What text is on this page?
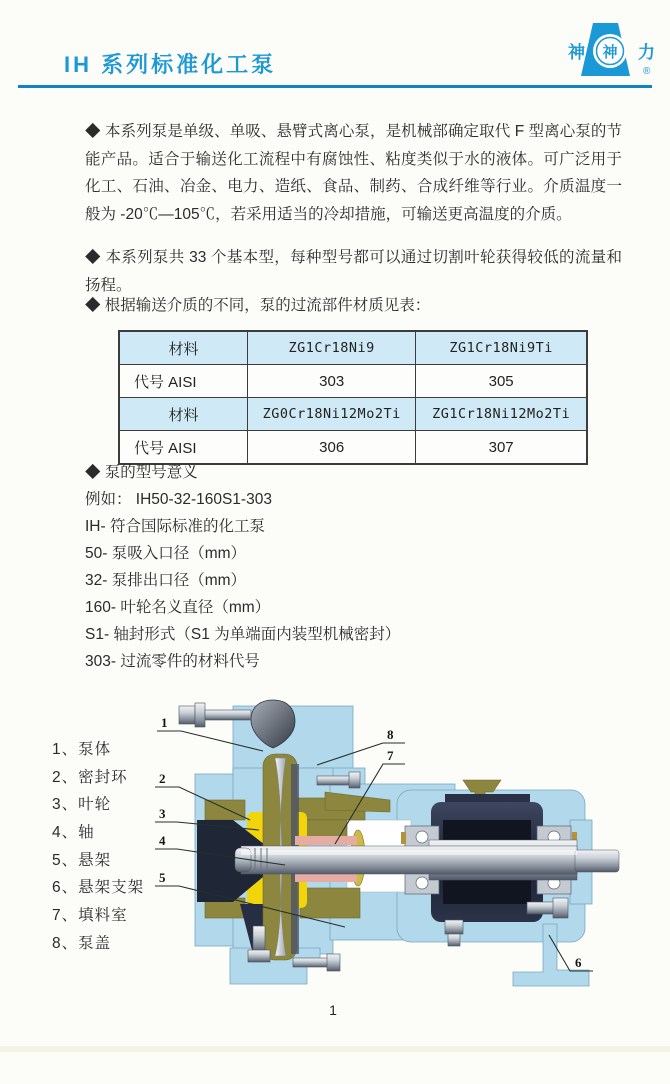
IH 系列标准化工泵	神 神 力
®
◆ 本系列泵是单级、单吸、悬臂式离心泵，是机械部确定取代 F 型离心泵的节能产品。适合于输送化工流程中有腐蚀性、粘度类似于水的液体。可广泛用于化工、石油、冶金、电力、造纸、食品、制药、合成纤维等行业。介质温度一般为 -20℃—105℃，若采用适当的冷却措施，可输送更高温度的介质。
◆ 本系列泵共 33 个基本型，每种型号都可以通过切割叶轮获得较低的流量和扬程。
◆ 根据输送介质的不同，泵的过流部件材质见表：
材料	ZG1Cr18Ni9	ZG1Cr18Ni9Ti
代号 AISI	303	305
材料	ZG0Cr18Ni12Mo2Ti	ZG1Cr18Ni12Mo2Ti
代号 AISI	306	307
◆ 泵的型号意义
例如： IH50-32-160S1-303
IH- 符合国际标准的化工泵
50- 泵吸入口径（mm）
32- 泵排出口径（mm）
160- 叶轮名义直径（mm）
S1- 轴封形式（S1 为单端面内装型机械密封）
303- 过流零件的材料代号
1、泵体
2、密封环
3、叶轮
4、轴
5、悬架
6、悬架支架
7、填料室
8、泵盖
1
2
3
4
5
6
7
8
1
